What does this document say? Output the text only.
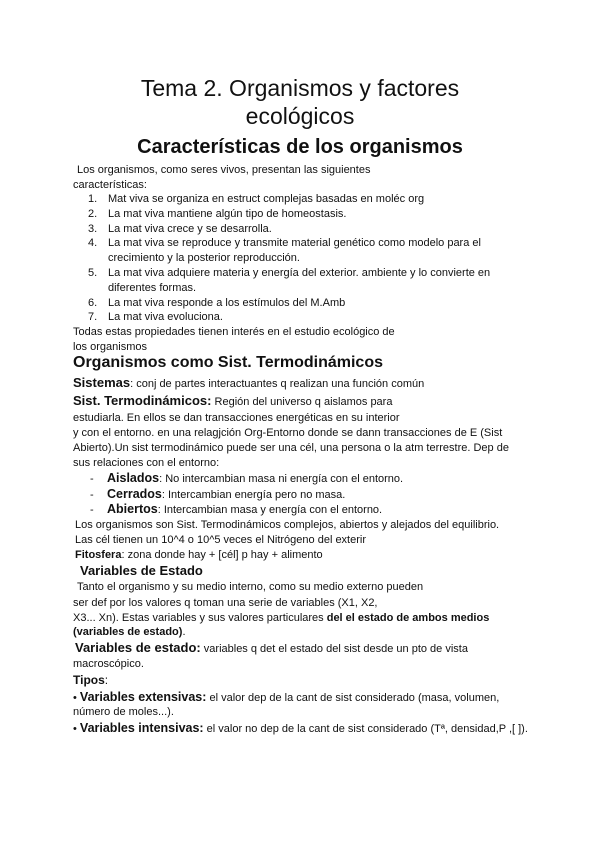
Tema 2. Organismos y factores
ecológicos
Características de los organismos
Los organismos, como seres vivos, presentan las siguientes
características:
1. Mat viva se organiza en estruct complejas basadas en moléc org
2. La mat viva mantiene algún tipo de homeostasis.
3. La mat viva crece y se desarrolla.
4. La mat viva se reproduce y transmite material genético como modelo para el crecimiento y la posterior reproducción.
5. La mat viva adquiere materia y energía del exterior. ambiente y lo convierte en diferentes formas.
6. La mat viva responde a los estímulos del M.Amb
7. La mat viva evoluciona.
Todas estas propiedades tienen interés en el estudio ecológico de
los organismos
Organismos como Sist. Termodinámicos
Sistemas: conj de partes interactuantes q realizan una función común
Sist. Termodinámicos: Región del universo q aislamos para
estudiarla. En ellos se dan transacciones energéticas en su interior
y con el entorno. en una relagjción Org-Entorno donde se dann transacciones de E (Sist
Abierto).Un sist termodinámico puede ser una cél, una persona o la atm terrestre. Dep de
sus relaciones con el entorno:
- Aislados: No intercambian masa ni energía con el entorno.
- Cerrados: Intercambian energía pero no masa.
- Abiertos: Intercambian masa y energía con el entorno.
Los organismos son Sist. Termodinámicos complejos, abiertos y alejados del equilibrio.
Las cél tienen un 10^4 o 10^5 veces el Nitrógeno del exterir
Fitosfera: zona donde hay + [cél] p hay + alimento
Variables de Estado
Tanto el organismo y su medio interno, como su medio externo pueden
ser def por los valores q toman una serie de variables (X1, X2,
X3... Xn). Estas variables y sus valores particulares del el estado de ambos medios
(variables de estado).
Variables de estado: variables q det el estado del sist desde un pto de vista
macroscópico.
Tipos:
• Variables extensivas: el valor dep de la cant de sist considerado (masa, volumen,
número de moles...).
• Variables intensivas: el valor no dep de la cant de sist considerado (Tª, densidad,P ,[ ]).
